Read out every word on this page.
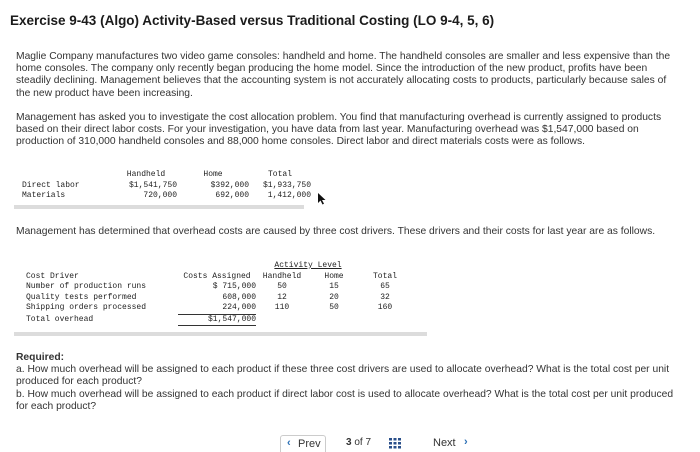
Exercise 9-43 (Algo) Activity-Based versus Traditional Costing (LO 9-4, 5, 6)
Maglie Company manufactures two video game consoles: handheld and home. The handheld consoles are smaller and less expensive than the home consoles. The company only recently began producing the home model. Since the introduction of the new product, profits have been steadily declining. Management believes that the accounting system is not accurately allocating costs to products, particularly because sales of the new product have been increasing.
Management has asked you to investigate the cost allocation problem. You find that manufacturing overhead is currently assigned to products based on their direct labor costs. For your investigation, you have data from last year. Manufacturing overhead was $1,547,000 based on production of 310,000 handheld consoles and 88,000 home consoles. Direct labor and direct materials costs were as follows.
	Handheld	Home	Total
Direct labor	$1,541,750	$392,000	$1,933,750
Materials	720,000	692,000	1,412,000
Management has determined that overhead costs are caused by three cost drivers. These drivers and their costs for last year are as follows.
		Activity Level		
Cost Driver	Costs Assigned	Handheld	Home	Total
Number of production runs	$ 715,000	50	15	65
Quality tests performed	608,000	12	20	32
Shipping orders processed	224,000	110	50	160
Total overhead	$1,547,000			
Required:
a. How much overhead will be assigned to each product if these three cost drivers are used to allocate overhead? What is the total cost per unit produced for each product?
b. How much overhead will be assigned to each product if direct labor cost is used to allocate overhead? What is the total cost per unit produced for each product?
‹ Prev	3 of 7	Next ›
